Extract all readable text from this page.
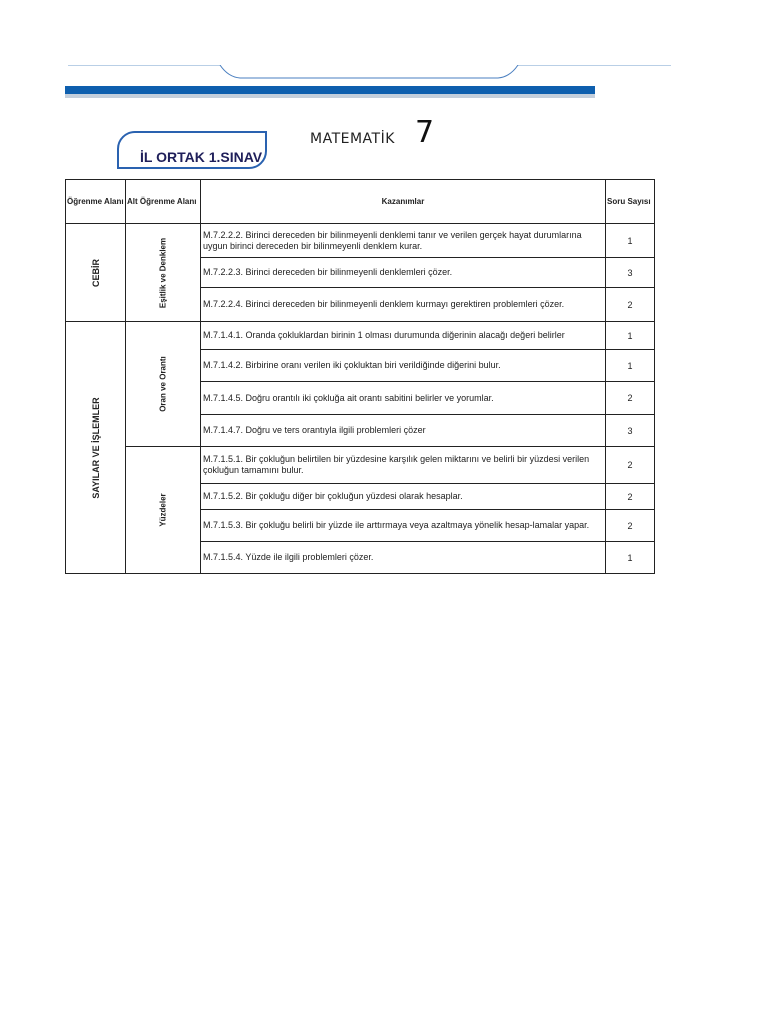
İL ORTAK 1.SINAV
MATEMATİK 7
Öğrenme Alanı	Alt Öğrenme Alanı	Kazanımlar	Soru Sayısı

CEBİR	Eşitlik ve Denklem	M.7.2.2.2. Birinci dereceden bir bilinmeyenli denklemi tanır ve verilen gerçek hayat durumlarına uygun birinci dereceden bir bilinmeyenli denklem kurar.	1
		M.7.2.2.3. Birinci dereceden bir bilinmeyenli denklemleri çözer.	3
		M.7.2.2.4. Birinci dereceden bir bilinmeyenli denklem kurmayı gerektiren problemleri çözer.	2

SAYILAR VE İŞLEMLER	Oran ve Orantı	M.7.1.4.1. Oranda çokluklardan birinin 1 olması durumunda diğerinin alacağı değeri belirler	1
		M.7.1.4.2. Birbirine oranı verilen iki çokluktan biri verildiğinde diğerini bulur.	1
		M.7.1.4.5. Doğru orantılı iki çokluğa ait orantı sabitini belirler ve yorumlar.	2
		M.7.1.4.7. Doğru ve ters orantıyla ilgili problemleri çözer	3

	Yüzdeler	M.7.1.5.1. Bir çokluğun belirtilen bir yüzdesine karşılık gelen miktarını ve belirli bir yüzdesi verilen çokluğun tamamını bulur.	2
		M.7.1.5.2. Bir çokluğu diğer bir çokluğun yüzdesi olarak hesaplar.	2
		M.7.1.5.3. Bir çokluğu belirli bir yüzde ile arttırmaya veya azaltmaya yönelik hesap-lamalar yapar.	2
		M.7.1.5.4. Yüzde ile ilgili problemleri çözer.	1
